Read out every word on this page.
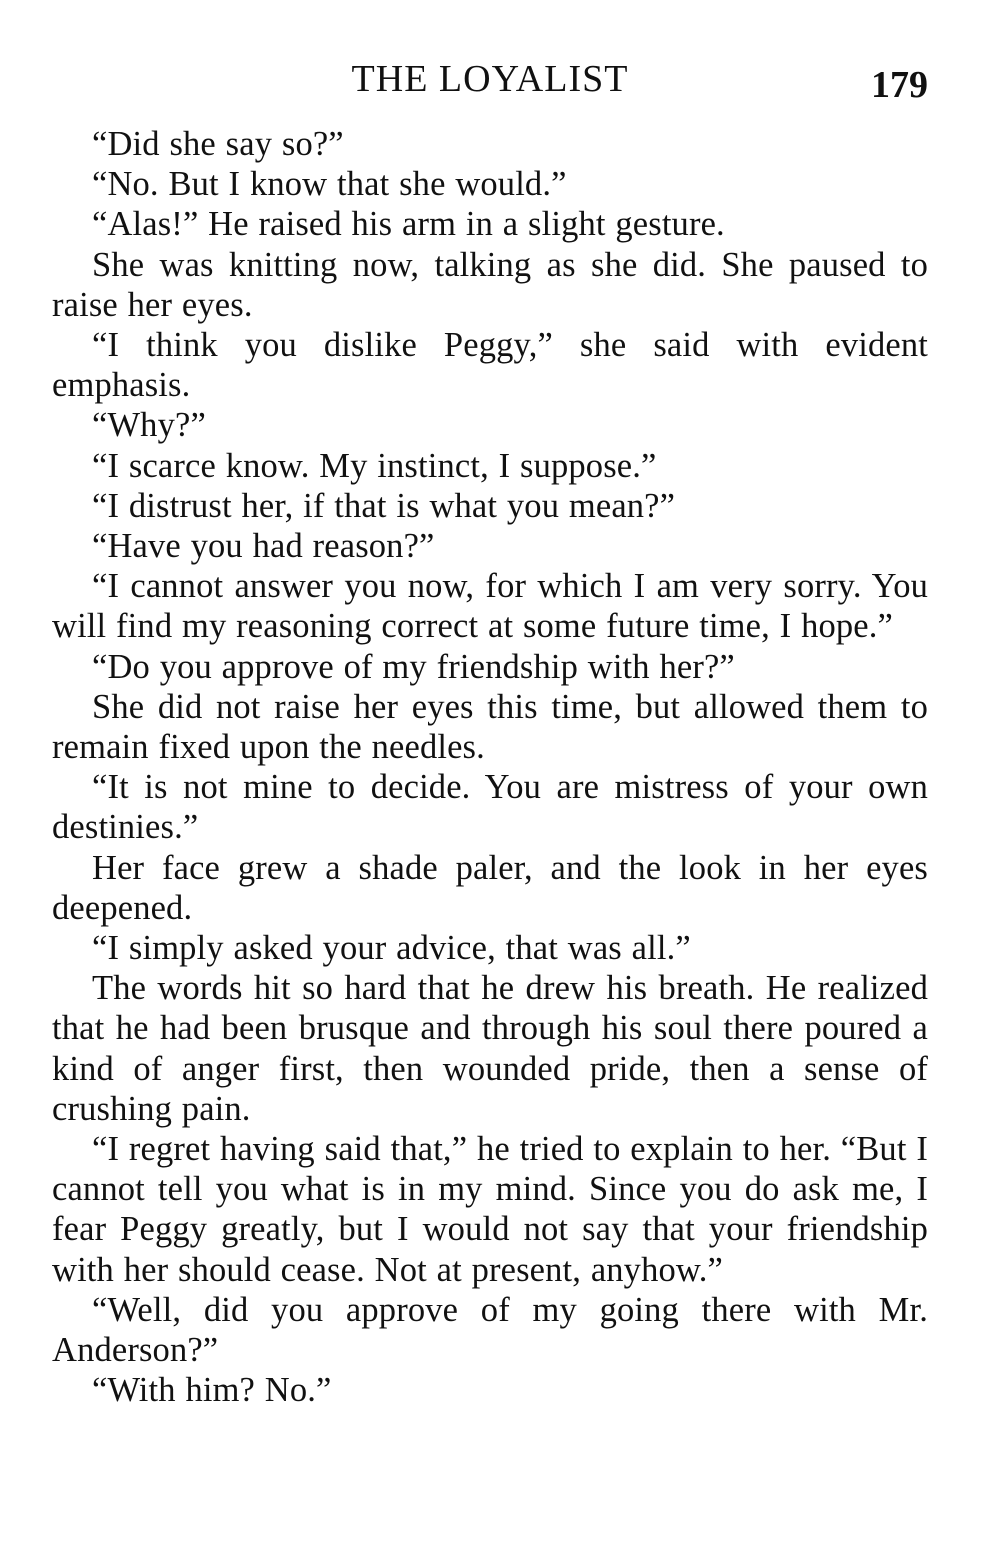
THE LOYALIST	179

“Did she say so?”

“No. But I know that she would.”

“Alas!” He raised his arm in a slight gesture.

She was knitting now, talking as she did. She paused to raise her eyes.

“I think you dislike Peggy,” she said with evident emphasis.

“Why?”

“I scarce know. My instinct, I suppose.”

“I distrust her, if that is what you mean?”

“Have you had reason?”

“I cannot answer you now, for which I am very sorry. You will find my reasoning correct at some future time, I hope.”

“Do you approve of my friendship with her?”

She did not raise her eyes this time, but allowed them to remain fixed upon the needles.

“It is not mine to decide. You are mistress of your own destinies.”

Her face grew a shade paler, and the look in her eyes deepened.

“I simply asked your advice, that was all.”

The words hit so hard that he drew his breath. He realized that he had been brusque and through his soul there poured a kind of anger first, then wounded pride, then a sense of crushing pain.

“I regret having said that,” he tried to explain to her. “But I cannot tell you what is in my mind. Since you do ask me, I fear Peggy greatly, but I would not say that your friendship with her should cease. Not at present, anyhow.”

“Well, did you approve of my going there with Mr. Anderson?”

“With him? No.”
